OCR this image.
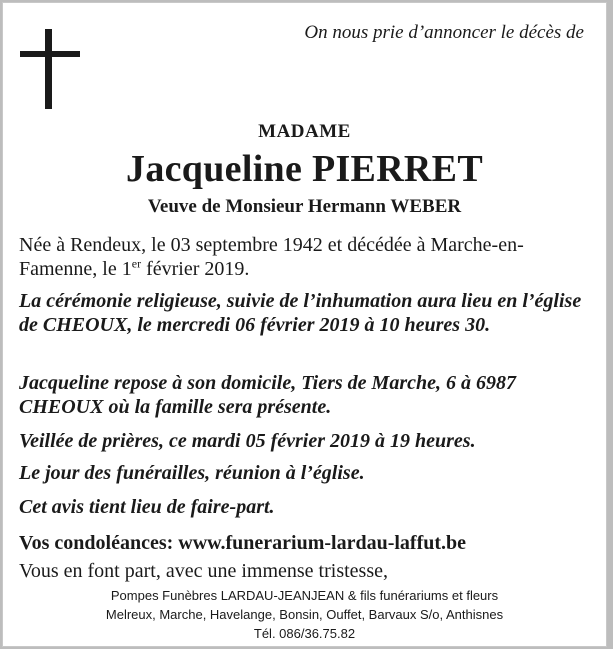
On nous prie d’annoncer le décès de
MADAME
Jacqueline PIERRET
Veuve de Monsieur Hermann WEBER
Née à Rendeux, le 03 septembre 1942 et décédée à Marche-en-Famenne, le 1er février 2019.
La cérémonie religieuse, suivie de l’inhumation aura lieu en l’église de CHEOUX, le mercredi 06 février 2019 à 10 heures 30.
Jacqueline repose à son domicile, Tiers de Marche, 6 à 6987 CHEOUX où la famille sera présente.
Veillée de prières, ce mardi 05 février 2019 à 19 heures.
Le jour des funérailles, réunion à l’église.
Cet avis tient lieu de faire-part.
Vos condoléances: www.funerarium-lardau-laffut.be
Vous en font part, avec une immense tristesse,
Pompes Funèbres LARDAU-JEANJEAN & fils funérariums et fleurs
Melreux, Marche, Havelange, Bonsin, Ouffet, Barvaux S/o, Anthisnes
Tél. 086/36.75.82
